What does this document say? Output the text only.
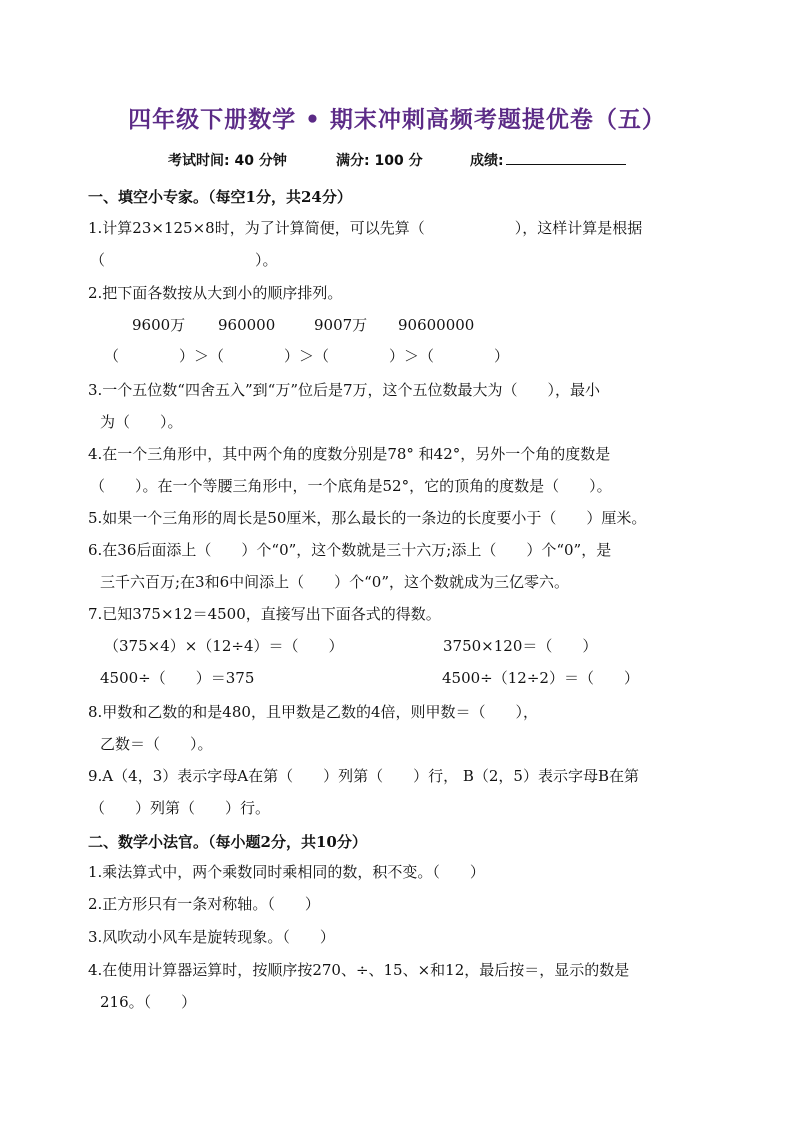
四年级下册数学 • 期末冲刺高频考题提优卷（五）
考试时间: 40 分钟	满分: 100 分	成绩:
一、填空小专家。（每空1分，共24分）
1.计算23×125×8时，为了计算简便，可以先算（　　　　　　），这样计算是根据
（　　　　　　　　　　）。
2.把下面各数按从大到小的顺序排列。
9600万 960000	9007万 90600000
（　　　　）＞（　　　　）＞（　　　　）＞（　　　　）
3.一个五位数“四舍五入”到“万”位后是7万，这个五位数最大为（　　），最小
为（　　）。
4.在一个三角形中，其中两个角的度数分别是78° 和42°，另外一个角的度数是
（　　）。在一个等腰三角形中，一个底角是52°，它的顶角的度数是（　　）。
5.如果一个三角形的周长是50厘米，那么最长的一条边的长度要小于（　　）厘米。
6.在36后面添上（　　）个“0”，这个数就是三十六万;添上（　　）个“0”，是
三千六百万;在3和6中间添上（　　）个“0”，这个数就成为三亿零六。
7.已知375×12＝4500，直接写出下面各式的得数。
（375×4）×（12÷4）＝（　　）	3750×120＝（　　）
4500÷（　　）＝375	4500÷（12÷2）＝（　　）
8.甲数和乙数的和是480，且甲数是乙数的4倍，则甲数＝（　　），
乙数＝（　　）。
9.A（4，3）表示字母A在第（　　）列第（　　）行， B（2，5）表示字母B在第
（　　）列第（　　）行。
二、数学小法官。（每小题2分，共10分）
1.乘法算式中，两个乘数同时乘相同的数，积不变。（　　）
2.正方形只有一条对称轴。（　　）
3.风吹动小风车是旋转现象。（　　）
4.在使用计算器运算时，按顺序按270、÷、15、×和12，最后按＝，显示的数是
216。（　　）
